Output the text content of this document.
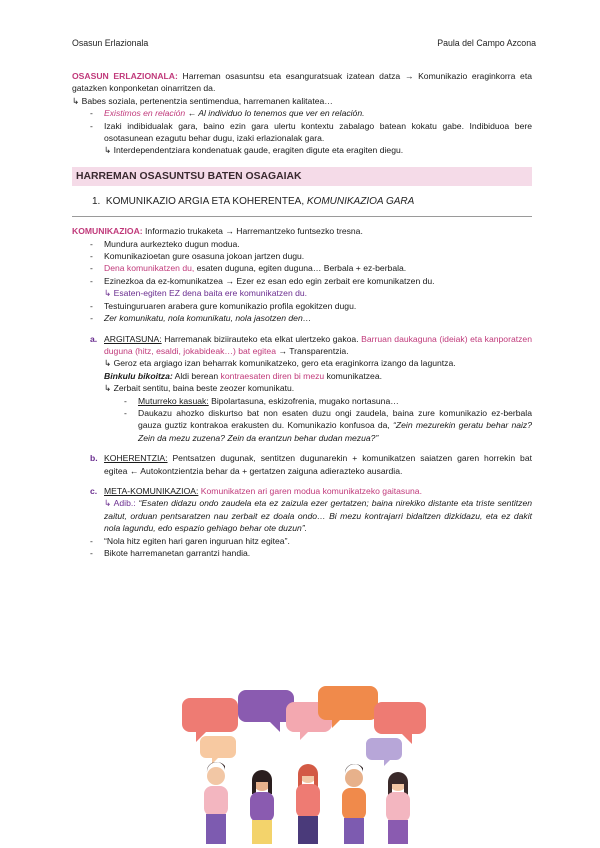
Osasun Erlazionala	Paula del Campo Azcona

OSASUN ERLAZIONALA: Harreman osasuntsu eta esanguratsuak izatean datza → Komunikazio eraginkorra eta gatazken konponketan oinarritzen da.

↳ Babes soziala, pertenentzia sentimendua, harremanen kalitatea…

- Existimos en relación ← Al individuo lo tenemos que ver en relación.
- Izaki indibidualak gara, baino ezin gara ulertu kontextu zabalago batean kokatu gabe. Indibiduoa bere osotasunean ezagutu behar dugu, izaki erlazionalak gara.
↳ Interdependentziara kondenatuak gaude, eragiten digute eta eragiten diegu.
HARREMAN OSASUNTSU BATEN OSAGAIAK
1. KOMUNIKAZIO ARGIA ETA KOHERENTEA, KOMUNIKAZIOA GARA

KOMUNIKAZIOA: Informazio trukaketa → Harremantzeko funtsezko tresna.

- Mundura aurkezteko dugun modua.
- Komunikazioetan gure osasuna jokoan jartzen dugu.
- Dena komunikatzen du, esaten duguna, egiten duguna… Berbala + ez-berbala.
- Ezinezkoa da ez-komunikatzea → Ezer ez esan edo egin zerbait ere komunikatzen du.
↳ Esaten-egiten EZ dena baita ere komunikatzen du.
- Testuinguruaren arabera gure komunikazio profila egokitzen dugu.
- Zer komunikatu, nola komunikatu, nola jasotzen den…
a. ARGITASUNA: Harremanak biziirauteko eta elkat ulertzeko gakoa. Barruan daukaguna (ideiak) eta kanporatzen duguna (hitz, esaldi, jokabideak…) bat egitea → Transparentzia.
↳ Geroz eta argiago izan beharrak komunikatzeko, gero eta eraginkorra izango da laguntza.
Binkulu bikoitza: Aldi berean kontraesaten diren bi mezu komunikatzea.
↳ Zerbait sentitu, baina beste zeozer komunikatu.
- Muturreko kasuak: Bipolartasuna, eskizofrenia, mugako nortasuna…
- Daukazu ahozko diskurtso bat non esaten duzu ongi zaudela, baina zure komunikazio ez-berbala gauza guztiz kontrakoa erakusten du. Komunikazio konfusoa da, “Zein mezurekin geratu behar naiz? Zein da mezu zuzena? Zein da erantzun behar dudan mezua?”
b. KOHERENTZIA: Pentsatzen dugunak, sentitzen dugunarekin + komunikatzen saiatzen garen horrekin bat egitea ← Autokontzientzia behar da + gertatzen zaiguna adierazteko ausardia.
c. META-KOMUNIKAZIOA: Komunikatzen ari garen modua komunikatzeko gaitasuna.
↳ Adib.: “Esaten didazu ondo zaudela eta ez zaizula ezer gertatzen; baina nirekiko distante eta triste sentitzen zaitut, orduan pentsaratzen nau zerbait ez doala ondo… Bi mezu kontrajarri bidaltzen dizkidazu, eta ez dakit nola lagundu, edo espazio gehiago behar ote duzun”.
- “Nola hitz egiten hari garen inguruan hitz egitea”.
- Bikote harremanetan garrantzi handia.
